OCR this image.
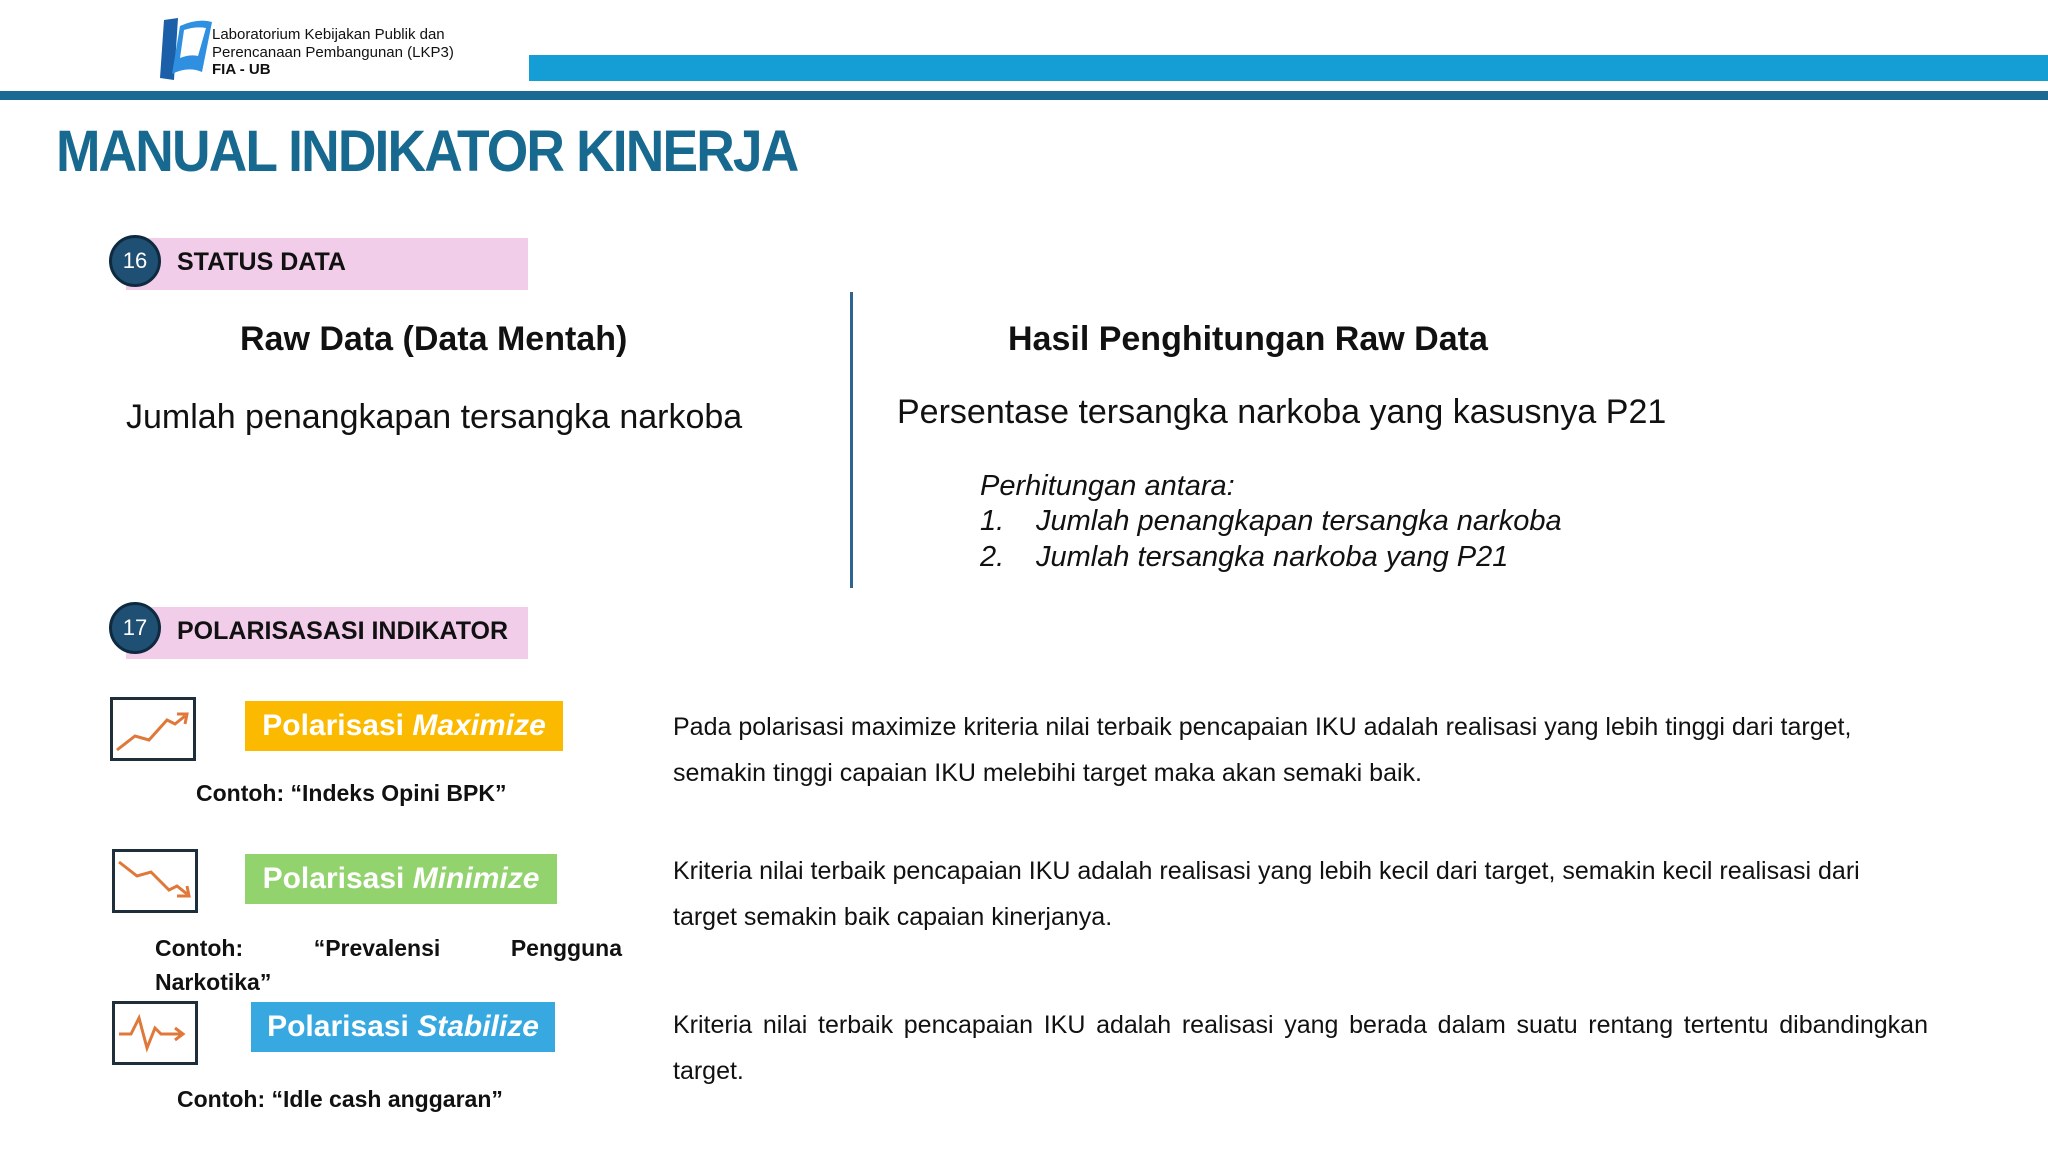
Laboratorium Kebijakan Publik dan
Perencanaan Pembangunan (LKP3)
FIA - UB
MANUAL INDIKATOR KINERJA
16	STATUS DATA
Raw Data (Data Mentah)
Jumlah penangkapan tersangka narkoba
Hasil Penghitungan Raw Data
Persentase tersangka narkoba yang kasusnya P21
Perhitungan antara:
1. Jumlah penangkapan tersangka narkoba
2. Jumlah tersangka narkoba yang P21
17	POLARISASASI INDIKATOR
Polarisasi
Maximize
Contoh: “Indeks Opini BPK”
Pada polarisasi maximize kriteria nilai terbaik pencapaian IKU adalah realisasi yang lebih tinggi dari target, semakin tinggi capaian IKU melebihi target maka akan semaki baik.
Polarisasi
Minimize
Contoh: “Prevalensi Pengguna
Narkotika”
Kriteria nilai terbaik pencapaian IKU adalah realisasi yang lebih kecil dari target, semakin kecil realisasi dari target semakin baik capaian kinerjanya.
Polarisasi
Stabilize
Contoh: “Idle cash anggaran”
Kriteria nilai terbaik pencapaian IKU adalah realisasi yang berada dalam suatu rentang tertentu dibandingkan target.
